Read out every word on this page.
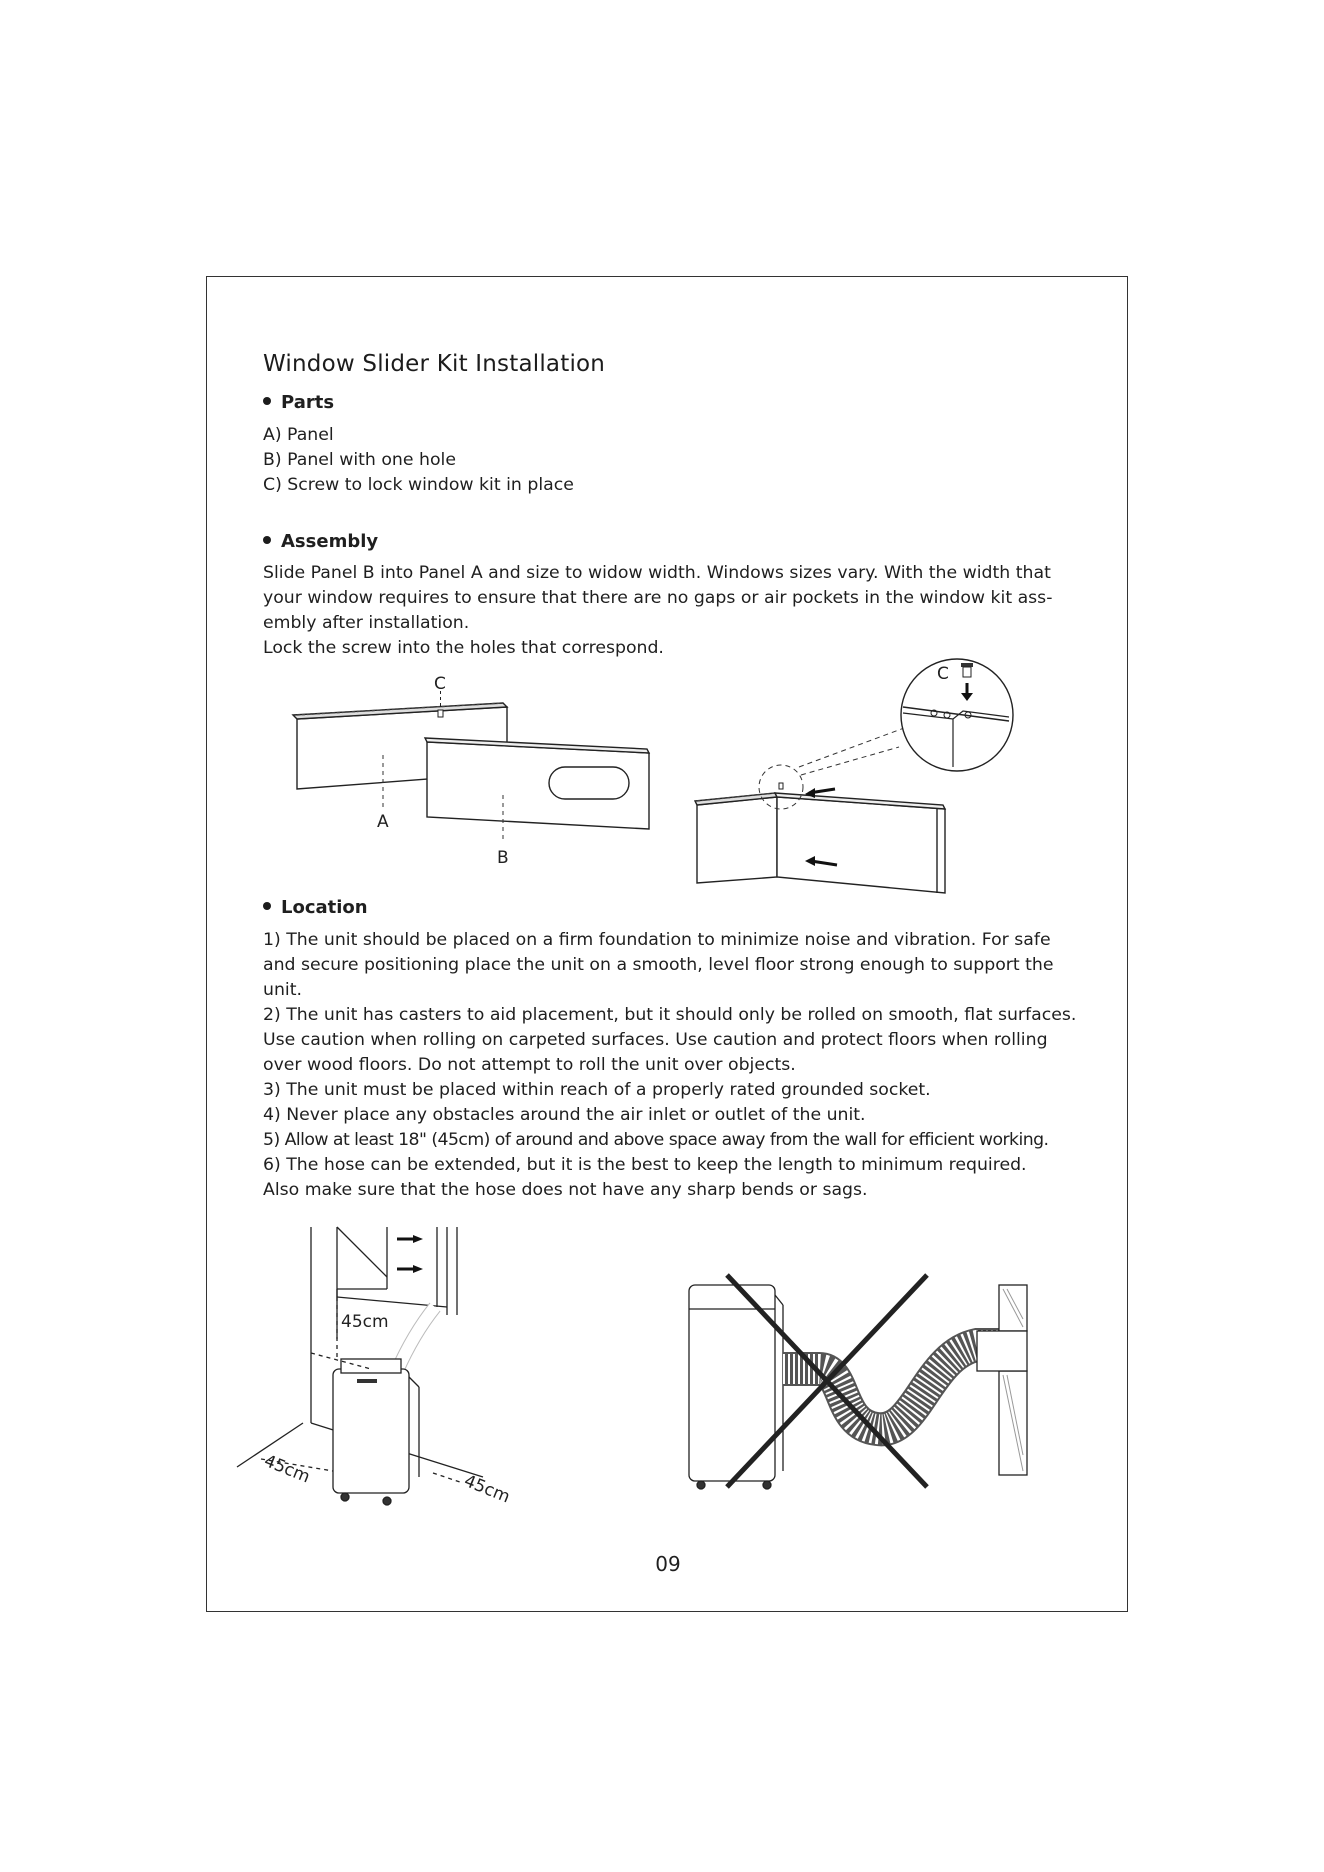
Window Slider Kit Installation
Parts
A) Panel
B) Panel with one hole
C) Screw to lock window kit in place
Assembly
Slide Panel B into Panel A and size to widow width. Windows sizes vary. With the width that
your window requires to ensure that there are no gaps or air pockets in the window kit ass-
embly after installation.
Lock the screw into the holes that correspond.
Location
1) The unit should be placed on a firm foundation to minimize noise and vibration. For safe
and secure positioning place the unit on a smooth, level floor strong enough to support the
unit.
2) The unit has casters to aid placement, but it should only be rolled on smooth, flat surfaces.
Use caution when rolling on carpeted surfaces. Use caution and protect floors when rolling
over wood floors. Do not attempt to roll the unit over objects.
3) The unit must be placed within reach of a properly rated grounded socket.
4) Never place any obstacles around the air inlet or outlet of the unit.
5) Allow at least 18" (45cm) of around and above space away from the wall for efficient working.
6) The hose can be extended, but it is the best to keep the length to minimum required.
Also make sure that the hose does not have any sharp bends or sags.
C
A
B
C
45cm
45cm
45cm
09
